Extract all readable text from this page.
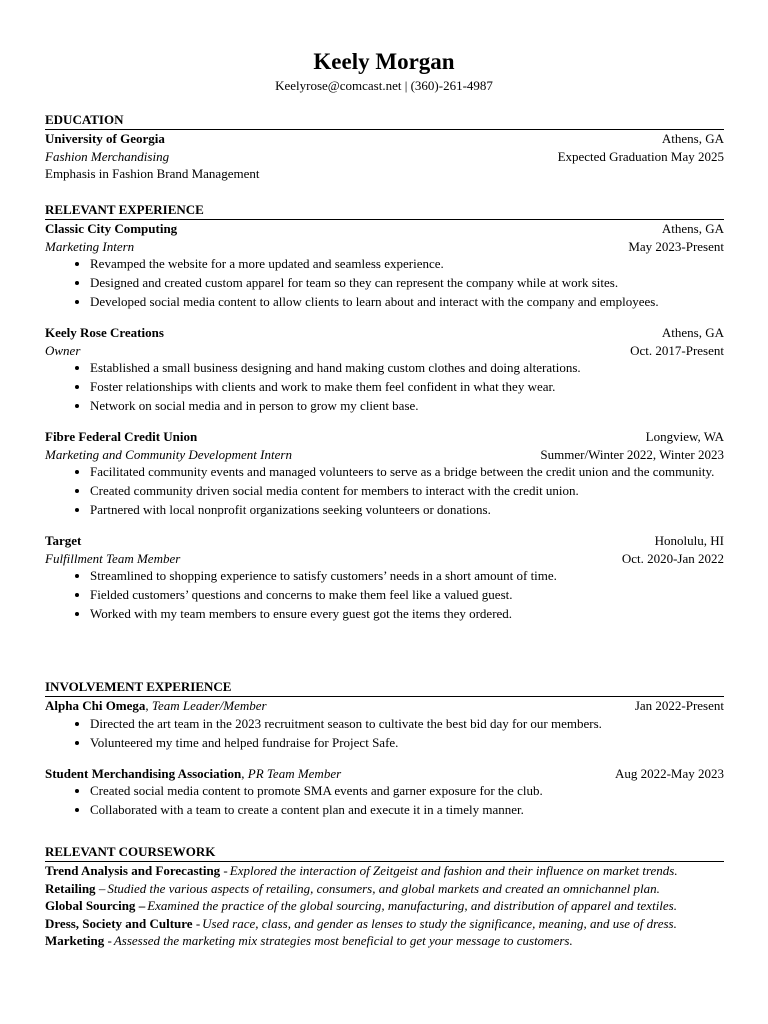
Keely Morgan
Keelyrose@comcast.net | (360)-261-4987
EDUCATION
University of Georgia	Athens, GA
Fashion Merchandising	Expected Graduation May 2025
Emphasis in Fashion Brand Management
RELEVANT EXPERIENCE
Classic City Computing	Athens, GA
Marketing Intern	May 2023-Present
• Revamped the website for a more updated and seamless experience.
• Designed and created custom apparel for team so they can represent the company while at work sites.
• Developed social media content to allow clients to learn about and interact with the company and employees.
Keely Rose Creations	Athens, GA
Owner	Oct. 2017-Present
• Established a small business designing and hand making custom clothes and doing alterations.
• Foster relationships with clients and work to make them feel confident in what they wear.
• Network on social media and in person to grow my client base.
Fibre Federal Credit Union	Longview, WA
Marketing and Community Development Intern	Summer/Winter 2022, Winter 2023
• Facilitated community events and managed volunteers to serve as a bridge between the credit union and the community.
• Created community driven social media content for members to interact with the credit union.
• Partnered with local nonprofit organizations seeking volunteers or donations.
Target	Honolulu, HI
Fulfillment Team Member	Oct. 2020-Jan 2022
• Streamlined to shopping experience to satisfy customers’ needs in a short amount of time.
• Fielded customers’ questions and concerns to make them feel like a valued guest.
• Worked with my team members to ensure every guest got the items they ordered.
INVOLVEMENT EXPERIENCE
Alpha Chi Omega, Team Leader/Member	Jan 2022-Present
• Directed the art team in the 2023 recruitment season to cultivate the best bid day for our members.
• Volunteered my time and helped fundraise for Project Safe.
Student Merchandising Association, PR Team Member	Aug 2022-May 2023
• Created social media content to promote SMA events and garner exposure for the club.
• Collaborated with a team to create a content plan and execute it in a timely manner.
RELEVANT COURSEWORK
Trend Analysis and Forecasting - Explored the interaction of Zeitgeist and fashion and their influence on market trends.
Retailing – Studied the various aspects of retailing, consumers, and global markets and created an omnichannel plan.
Global Sourcing – Examined the practice of the global sourcing, manufacturing, and distribution of apparel and textiles.
Dress, Society and Culture - Used race, class, and gender as lenses to study the significance, meaning, and use of dress.
Marketing - Assessed the marketing mix strategies most beneficial to get your message to customers.
